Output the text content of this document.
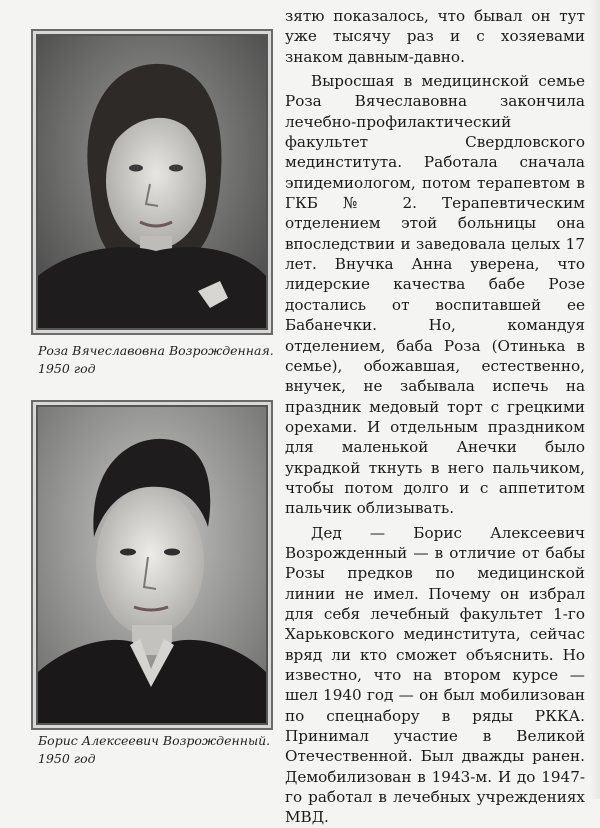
Роза Вячеславовна Возрожденная. 1950 год
Борис Алексеевич Возрожденный. 1950 год

зятю показалось, что бывал он тут уже тысячу раз и с хозяевами знаком давным-давно.

Выросшая в медицинской семье Роза Вячеславовна закончила лечебно-профилактический факультет Свердловского мединститута. Работала сначала эпидемиологом, потом терапевтом в ГКБ № 2. Терапевтическим отделением этой больницы она впоследствии и заведовала целых 17 лет. Внучка Анна уверена, что лидерские качества бабе Розе достались от воспитавшей ее Бабанечки. Но, командуя отделением, баба Роза (Отинька в семье), обожавшая, естественно, внучек, не забывала испечь на праздник медовый торт с грецкими орехами. И отдельным праздником для маленькой Анечки было украдкой ткнуть в него пальчиком, чтобы потом долго и с аппетитом пальчик облизывать.

Дед — Борис Алексеевич Возрожденный — в отличие от бабы Розы предков по медицинской линии не имел. Почему он избрал для себя лечебный факультет 1-го Харьковского мединститута, сейчас вряд ли кто сможет объяснить. Но известно, что на втором курсе — шел 1940 год — он был мобилизован по спецнабору в ряды РККА. Принимал участие в Великой Отечественной. Был дважды ранен. Демобилизован в 1943-м. И до 1947-го работал в лечебных учреждениях МВД.
